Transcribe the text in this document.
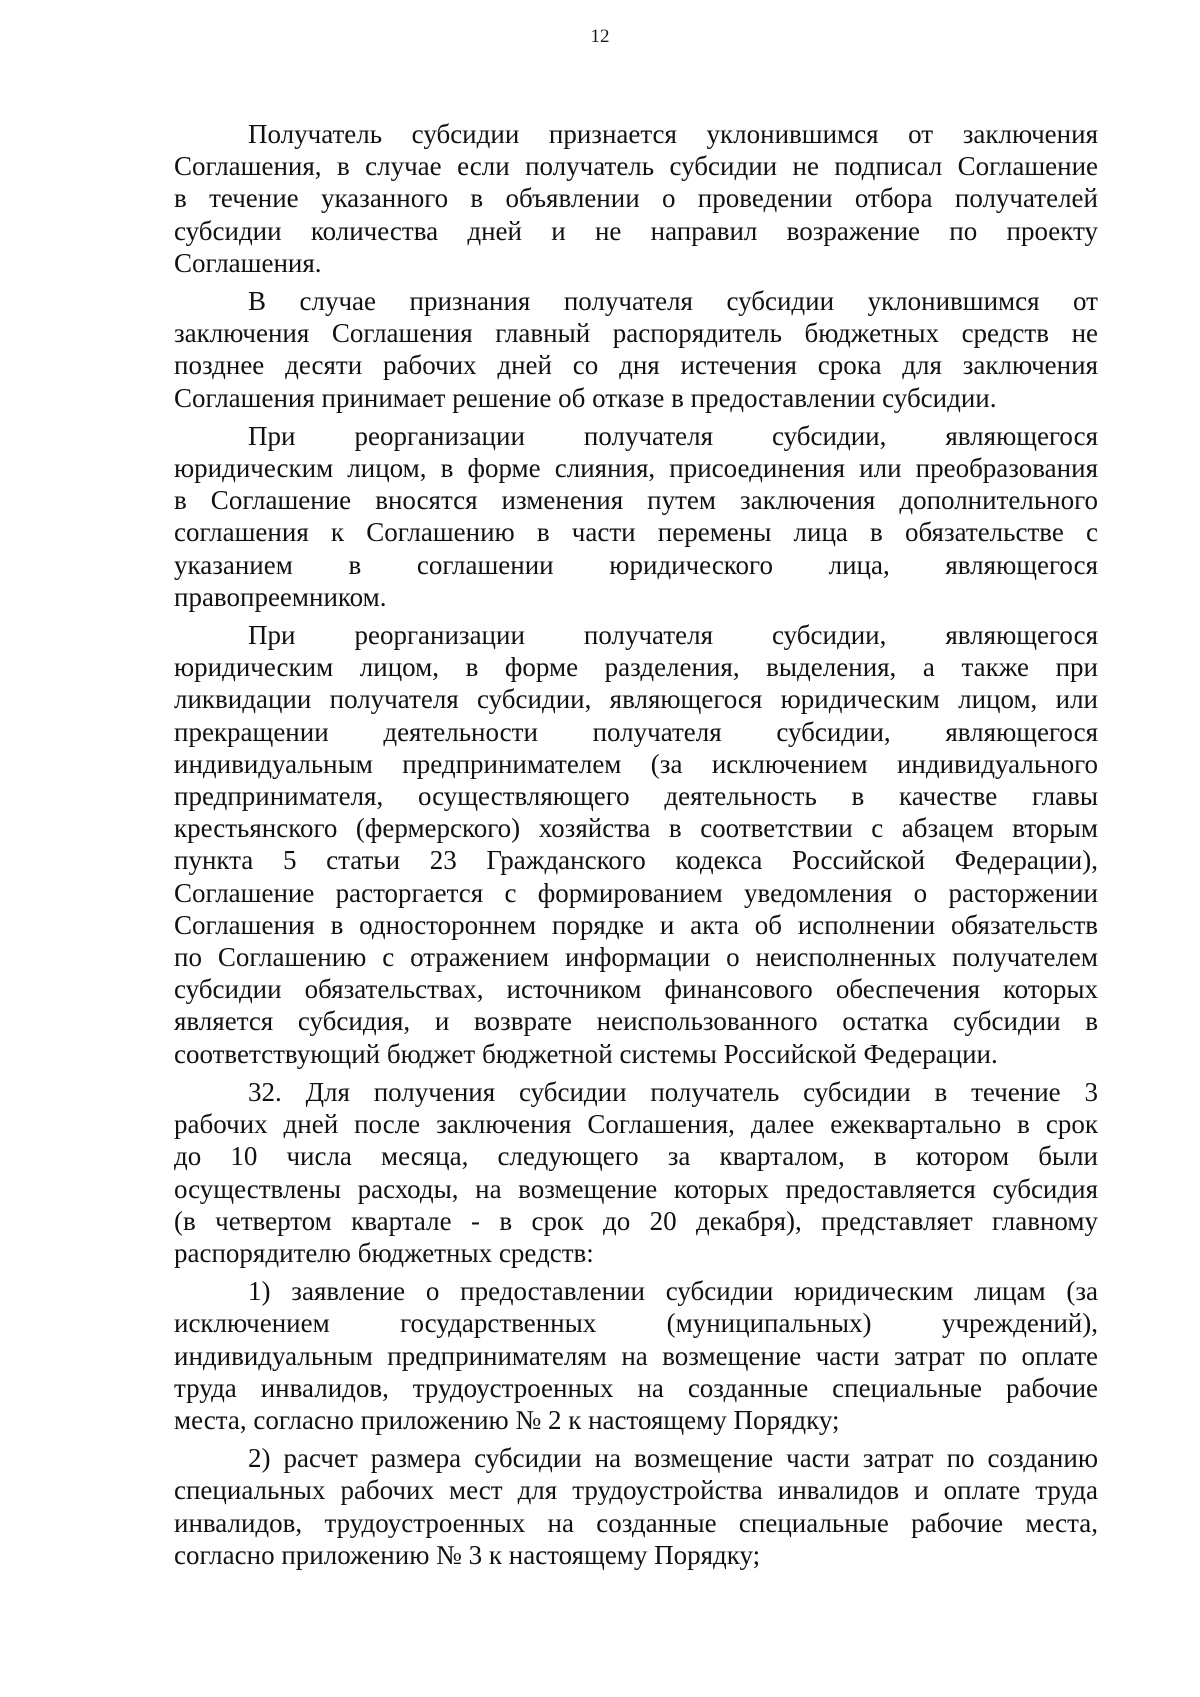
12

Получатель субсидии признается уклонившимся от заключения
Соглашения, в случае если получатель субсидии не подписал Соглашение
в течение указанного в объявлении о проведении отбора получателей
субсидии количества дней и не направил возражение по проекту
Соглашения.

В случае признания получателя субсидии уклонившимся от
заключения Соглашения главный распорядитель бюджетных средств не
позднее десяти рабочих дней со дня истечения срока для заключения
Соглашения принимает решение об отказе в предоставлении субсидии.

При реорганизации получателя субсидии, являющегося
юридическим лицом, в форме слияния, присоединения или преобразования
в Соглашение вносятся изменения путем заключения дополнительного
соглашения к Соглашению в части перемены лица в обязательстве с
указанием в соглашении юридического лица, являющегося
правопреемником.

При реорганизации получателя субсидии, являющегося
юридическим лицом, в форме разделения, выделения, а также при
ликвидации получателя субсидии, являющегося юридическим лицом, или
прекращении деятельности получателя субсидии, являющегося
индивидуальным предпринимателем (за исключением индивидуального
предпринимателя, осуществляющего деятельность в качестве главы
крестьянского (фермерского) хозяйства в соответствии с абзацем вторым
пункта 5 статьи 23 Гражданского кодекса Российской Федерации),
Соглашение расторгается с формированием уведомления о расторжении
Соглашения в одностороннем порядке и акта об исполнении обязательств
по Соглашению с отражением информации о неисполненных получателем
субсидии обязательствах, источником финансового обеспечения которых
является субсидия, и возврате неиспользованного остатка субсидии в
соответствующий бюджет бюджетной системы Российской Федерации.

32. Для получения субсидии получатель субсидии в течение 3
рабочих дней после заключения Соглашения, далее ежеквартально в срок
до 10 числа месяца, следующего за кварталом, в котором были
осуществлены расходы, на возмещение которых предоставляется субсидия
(в четвертом квартале - в срок до 20 декабря), представляет главному
распорядителю бюджетных средств:

1) заявление о предоставлении субсидии юридическим лицам (за
исключением государственных (муниципальных) учреждений),
индивидуальным предпринимателям на возмещение части затрат по оплате
труда инвалидов, трудоустроенных на созданные специальные рабочие
места, согласно приложению № 2 к настоящему Порядку;

2) расчет размера субсидии на возмещение части затрат по созданию
специальных рабочих мест для трудоустройства инвалидов и оплате труда
инвалидов, трудоустроенных на созданные специальные рабочие места,
согласно приложению № 3 к настоящему Порядку;
